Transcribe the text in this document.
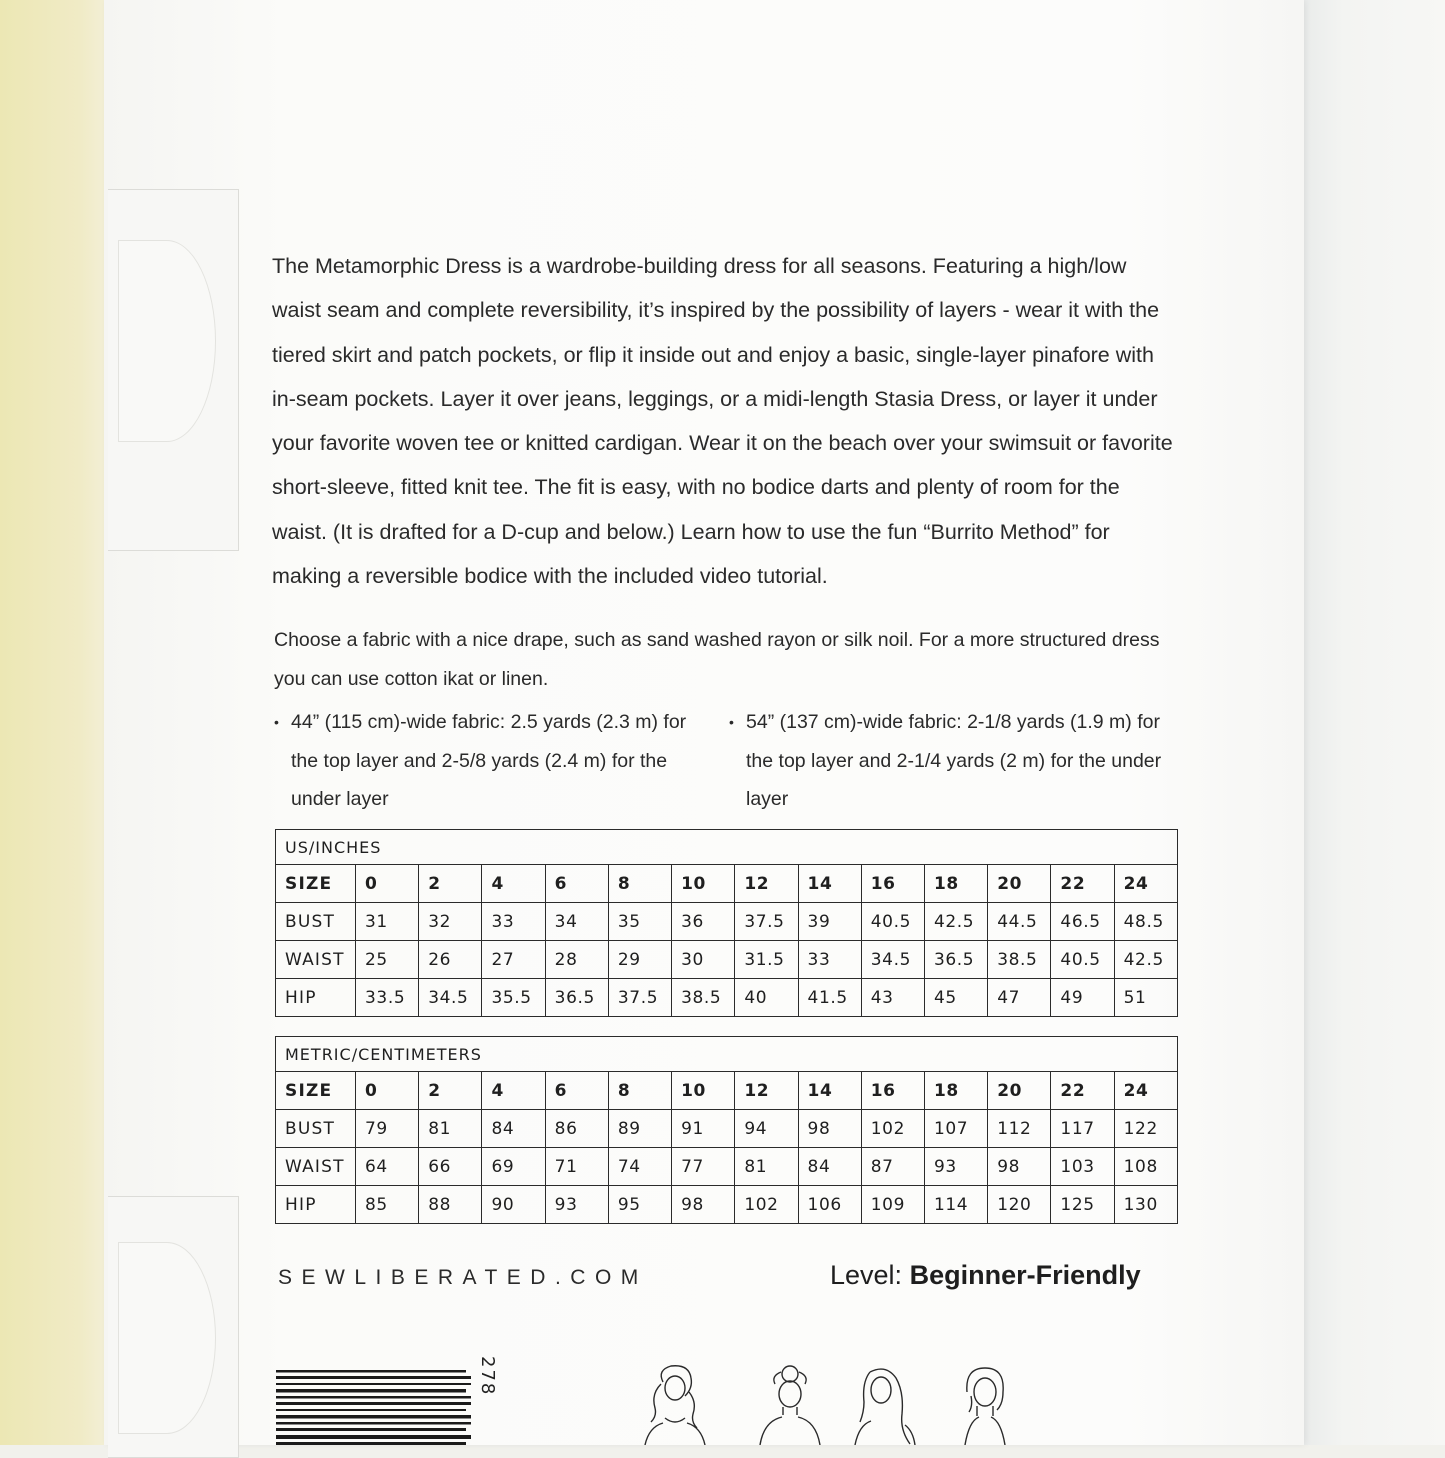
The Metamorphic Dress is a wardrobe-building dress for all seasons. Featuring a high/low waist seam and complete reversibility, it’s inspired by the possibility of layers - wear it with the tiered skirt and patch pockets, or flip it inside out and enjoy a basic, single-layer pinafore with in-seam pockets. Layer it over jeans, leggings, or a midi-length Stasia Dress, or layer it under your favorite woven tee or knitted cardigan. Wear it on the beach over your swimsuit or favorite short-sleeve, fitted knit tee. The fit is easy, with no bodice darts and plenty of room for the waist. (It is drafted for a D-cup and below.) Learn how to use the fun “Burrito Method” for making a reversible bodice with the included video tutorial.

Choose a fabric with a nice drape, such as sand washed rayon or silk noil. For a more structured dress you can use cotton ikat or linen.

• 44” (115 cm)-wide fabric: 2.5 yards (2.3 m) for the top layer and 2-5/8 yards (2.4 m) for the under layer
• 54” (137 cm)-wide fabric: 2-1/8 yards (1.9 m) for the top layer and 2-1/4 yards (2 m) for the under layer
US/INCHES													
SIZE	0	2	4	6	8	10	12	14	16	18	20	22	24
BUST	31	32	33	34	35	36	37.5	39	40.5	42.5	44.5	46.5	48.5
WAIST	25	26	27	28	29	30	31.5	33	34.5	36.5	38.5	40.5	42.5
HIP	33.5	34.5	35.5	36.5	37.5	38.5	40	41.5	43	45	47	49	51
METRIC/CENTIMETERS													
SIZE	0	2	4	6	8	10	12	14	16	18	20	22	24
BUST	79	81	84	86	89	91	94	98	102	107	112	117	122
WAIST	64	66	69	71	74	77	81	84	87	93	98	103	108
HIP	85	88	90	93	95	98	102	106	109	114	120	125	130
SEWLIBERATED.COM	Level: Beginner-Friendly
278
